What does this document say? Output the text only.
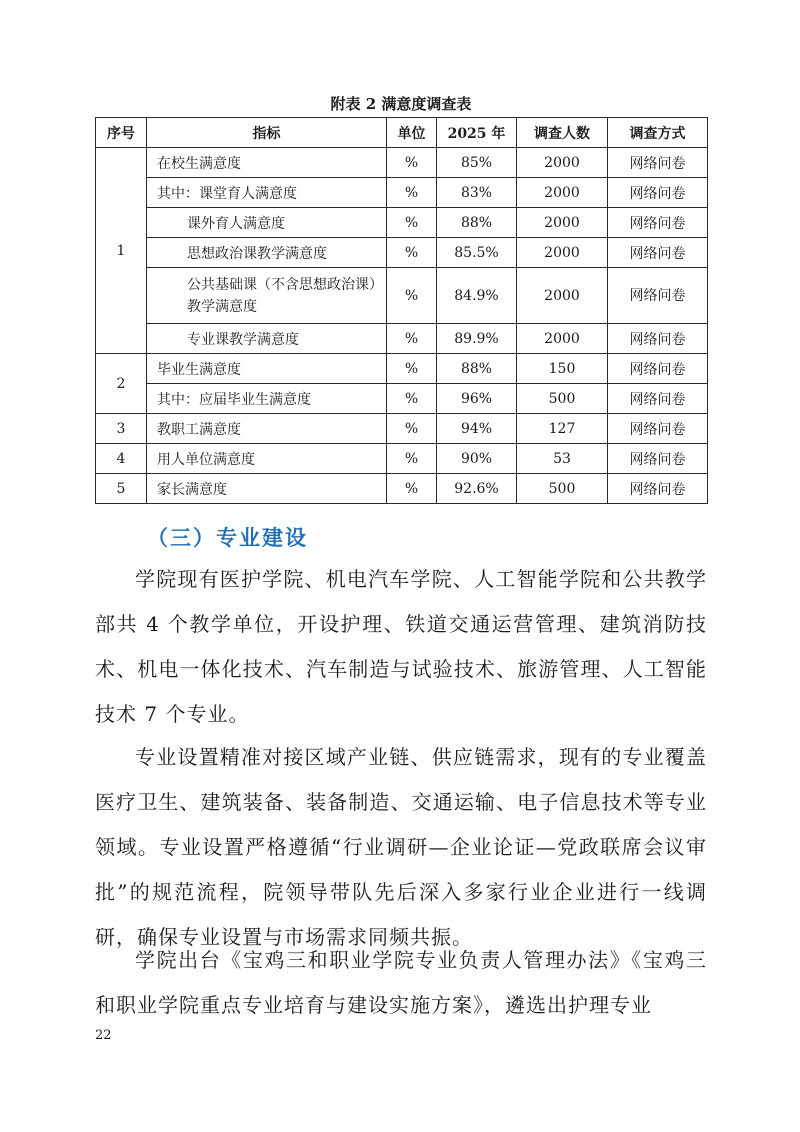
附表 2 满意度调查表
序号	指标	单位	2025 年	调查人数	调查方式
1	在校生满意度	%	85%	2000	网络问卷
	其中：课堂育人满意度	%	83%	2000	网络问卷
	课外育人满意度	%	88%	2000	网络问卷
	思想政治课教学满意度	%	85.5%	2000	网络问卷
	公共基础课（不含思想政治课）教学满意度	%	84.9%	2000	网络问卷
	专业课教学满意度	%	89.9%	2000	网络问卷
2	毕业生满意度	%	88%	150	网络问卷
	其中：应届毕业生满意度	%	96%	500	网络问卷
3	教职工满意度	%	94%	127	网络问卷
4	用人单位满意度	%	90%	53	网络问卷
5	家长满意度	%	92.6%	500	网络问卷
（三）专业建设

学院现有医护学院、机电汽车学院、人工智能学院和公共教学部共 4 个教学单位，开设护理、铁道交通运营管理、建筑消防技术、机电一体化技术、汽车制造与试验技术、旅游管理、人工智能技术 7 个专业。

专业设置精准对接区域产业链、供应链需求，现有的专业覆盖医疗卫生、建筑装备、装备制造、交通运输、电子信息技术等专业领域。专业设置严格遵循“行业调研—企业论证—党政联席会议审批”的规范流程，院领导带队先后深入多家行业企业进行一线调研，确保专业设置与市场需求同频共振。

学院出台《宝鸡三和职业学院专业负责人管理办法》《宝鸡三和职业学院重点专业培育与建设实施方案》，遴选出护理专业

22
